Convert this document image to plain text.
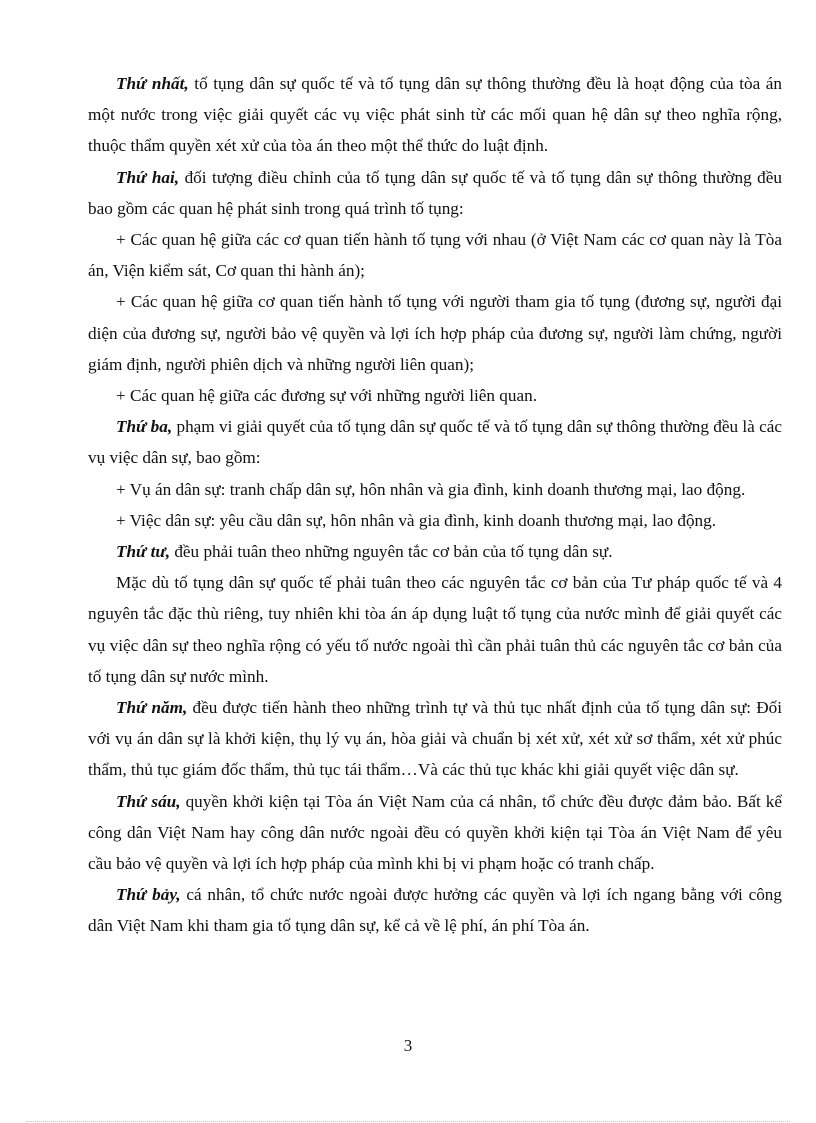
Thứ nhất, tố tụng dân sự quốc tế và tố tụng dân sự thông thường đều là hoạt động của tòa án một nước trong việc giải quyết các vụ việc phát sinh từ các mối quan hệ dân sự theo nghĩa rộng, thuộc thẩm quyền xét xử của tòa án theo một thể thức do luật định.

Thứ hai, đối tượng điều chỉnh của tố tụng dân sự quốc tế và tố tụng dân sự thông thường đều bao gồm các quan hệ phát sinh trong quá trình tố tụng:

+ Các quan hệ giữa các cơ quan tiến hành tố tụng với nhau (ở Việt Nam các cơ quan này là Tòa án, Viện kiểm sát, Cơ quan thi hành án);

+ Các quan hệ giữa cơ quan tiến hành tố tụng với người tham gia tố tụng (đương sự, người đại diện của đương sự, người bảo vệ quyền và lợi ích hợp pháp của đương sự, người làm chứng, người giám định, người phiên dịch và những người liên quan);

+ Các quan hệ giữa các đương sự với những người liên quan.

Thứ ba, phạm vi giải quyết của tố tụng dân sự quốc tế và tố tụng dân sự thông thường đều là các vụ việc dân sự, bao gồm:

+ Vụ án dân sự: tranh chấp dân sự, hôn nhân và gia đình, kinh doanh thương mại, lao động.

+ Việc dân sự: yêu cầu dân sự, hôn nhân và gia đình, kinh doanh thương mại, lao động.

Thứ tư, đều phải tuân theo những nguyên tắc cơ bản của tố tụng dân sự.

Mặc dù tố tụng dân sự quốc tế phải tuân theo các nguyên tắc cơ bản của Tư pháp quốc tế và 4 nguyên tắc đặc thù riêng, tuy nhiên khi tòa án áp dụng luật tố tụng của nước mình để giải quyết các vụ việc dân sự theo nghĩa rộng có yếu tố nước ngoài thì cần phải tuân thủ các nguyên tắc cơ bản của tố tụng dân sự nước mình.

Thứ năm, đều được tiến hành theo những trình tự và thủ tục nhất định của tố tụng dân sự: Đối với vụ án dân sự là khởi kiện, thụ lý vụ án, hòa giải và chuẩn bị xét xử, xét xử sơ thẩm, xét xử phúc thẩm, thủ tục giám đốc thẩm, thủ tục tái thẩm…Và các thủ tục khác khi giải quyết việc dân sự.

Thứ sáu, quyền khởi kiện tại Tòa án Việt Nam của cá nhân, tổ chức đều được đảm bảo. Bất kể công dân Việt Nam hay công dân nước ngoài đều có quyền khởi kiện tại Tòa án Việt Nam để yêu cầu bảo vệ quyền và lợi ích hợp pháp của mình khi bị vi phạm hoặc có tranh chấp.

Thứ bảy, cá nhân, tổ chức nước ngoài được hưởng các quyền và lợi ích ngang bằng với công dân Việt Nam khi tham gia tố tụng dân sự, kể cả về lệ phí, án phí Tòa án.

3
